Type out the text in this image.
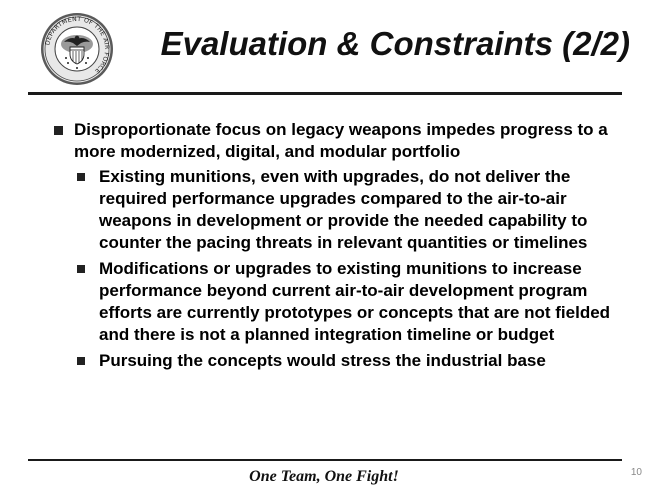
DEPARTMENT OF THE AIR FORCE
Evaluation & Constraints (2/2)
Disproportionate focus on legacy weapons impedes progress to a more modernized, digital, and modular portfolio
Existing munitions, even with upgrades, do not deliver the required performance upgrades compared to the air-to-air weapons in development or provide the needed capability to counter the pacing threats in relevant quantities or timelines
Modifications or upgrades to existing munitions to increase performance beyond current air-to-air development program efforts are currently prototypes or concepts that are not fielded and there is not a planned integration timeline or budget
Pursuing the concepts would stress the industrial base
One Team, One Fight!	10
